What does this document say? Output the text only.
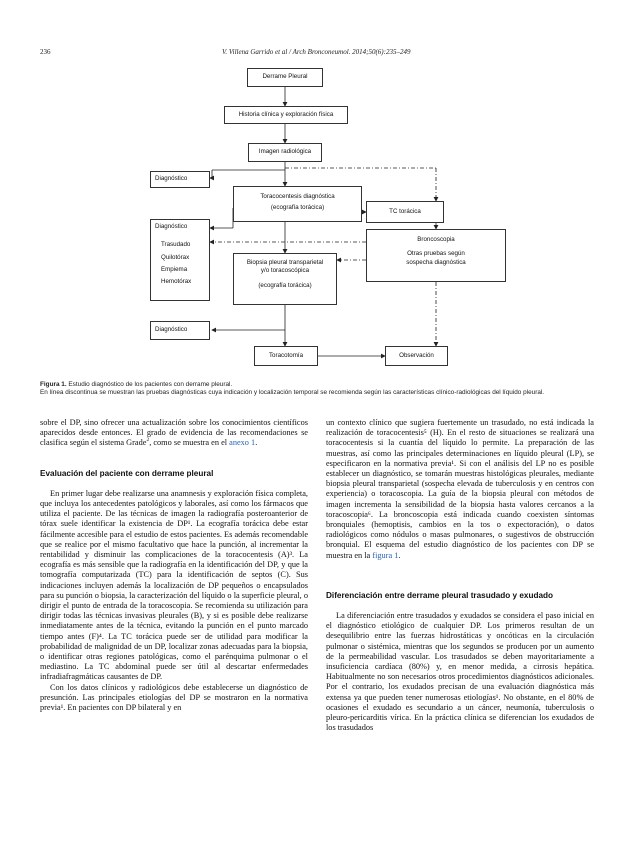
236	V. Villena Garrido et al / Arch Bronconeumol. 2014;50(6):235–249
Derrame Pleural
Historia clínica y exploración física
Imagen radiológica
Diagnóstico
Toracocentesis diagnóstica
(ecografía torácica)	TC torácica
Diagnóstico
Trasudado
Quilotórax
Empiema
Hemotórax
Broncoscopia
Otras pruebas según
sospecha diagnóstica
Biopsia pleural transparietal
y/o toracoscópica
(ecografía torácica)
Diagnóstico
Toracotomía	Observación
Figura 1. Estudio diagnóstico de los pacientes con derrame pleural.
En línea discontinua se muestran las pruebas diagnósticas cuya indicación y localización temporal se recomienda según las características clínico-radiológicas del líquido pleural.

sobre el DP, sino ofrecer una actualización sobre los conocimientos científicos aparecidos desde entonces. El grado de evidencia de las recomendaciones se clasifica según el sistema Grade$^2$, como se muestra en el anexo 1.

Evaluación del paciente con derrame pleural

En primer lugar debe realizarse una anamnesis y exploración física completa, que incluya los antecedentes patológicos y laborales, así como los fármacos que utiliza el paciente. De las técnicas de imagen la radiografía posteroanterior de tórax suele identificar la existencia de DP¹. La ecografía torácica debe estar fácilmente accesible para el estudio de estos pacientes. Es además recomendable que se realice por el mismo facultativo que hace la punción, al incrementar la rentabilidad y disminuir las complicaciones de la toracocentesis (A)³. La ecografía es más sensible que la radiografía en la identificación del DP, y que la tomografía computarizada (TC) para la identificación de septos (C). Sus indicaciones incluyen además la localización de DP pequeños o encapsulados para su punción o biopsia, la caracterización del líquido o la superficie pleural, o dirigir el punto de entrada de la toracoscopia. Se recomienda su utilización para dirigir todas las técnicas invasivas pleurales (B), y si es posible debe realizarse inmediatamente antes de la técnica, evitando la punción en el punto marcado tiempo antes (F)⁴. La TC torácica puede ser de utilidad para modificar la probabilidad de malignidad de un DP, localizar zonas adecuadas para la biopsia, o identificar otras regiones patológicas, como el parénquima pulmonar o el mediastino. La TC abdominal puede ser útil al descartar enfermedades infradiafragmáticas causantes de DP.

Con los datos clínicos y radiológicos debe establecerse un diagnóstico de presunción. Las principales etiologías del DP se mostraron en la normativa previa¹. En pacientes con DP bilateral y en

un contexto clínico que sugiera fuertemente un trasudado, no está indicada la realización de toracocentesis⁵ (H). En el resto de situaciones se realizará una toracocentesis si la cuantía del líquido lo permite. La preparación de las muestras, así como las principales determinaciones en líquido pleural (LP), se especificaron en la normativa previa¹. Si con el análisis del LP no es posible establecer un diagnóstico, se tomarán muestras histológicas pleurales, mediante biopsia pleural transparietal (sospecha elevada de tuberculosis y en centros con experiencia) o toracoscopia. La guía de la biopsia pleural con métodos de imagen incrementa la sensibilidad de la biopsia hasta valores cercanos a la toracoscopia⁶. La broncoscopia está indicada cuando coexisten síntomas bronquiales (hemoptisis, cambios en la tos o expectoración), o datos radiológicos como nódulos o masas pulmonares, o sugestivos de obstrucción bronquial. El esquema del estudio diagnóstico de los pacientes con DP se muestra en la figura 1.

Diferenciación entre derrame pleural trasudado y exudado

La diferenciación entre trasudados y exudados se considera el paso inicial en el diagnóstico etiológico de cualquier DP. Los primeros resultan de un desequilibrio entre las fuerzas hidrostáticas y oncóticas en la circulación pulmonar o sistémica, mientras que los segundos se producen por un aumento de la permeabilidad vascular. Los trasudados se deben mayoritariamente a insuficiencia cardíaca (80%) y, en menor medida, a cirrosis hepática. Habitualmente no son necesarios otros procedimientos diagnósticos adicionales. Por el contrario, los exudados precisan de una evaluación diagnóstica más extensa ya que pueden tener numerosas etiologías¹. No obstante, en el 80% de ocasiones el exudado es secundario a un cáncer, neumonía, tuberculosis o pleuro-pericarditis vírica. En la práctica clínica se diferencian los exudados de los trasudados
